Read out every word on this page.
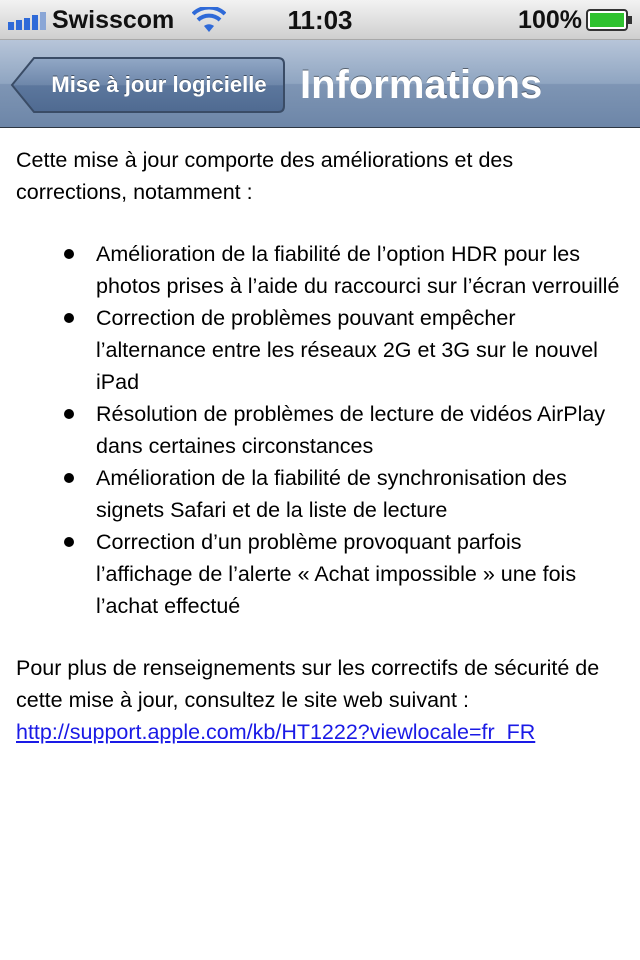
Swisscom	11:03	100%
Mise à jour logicielle Informations

Cette mise à jour comporte des améliorations et des corrections, notamment :

Amélioration de la fiabilité de l’option HDR pour les photos prises à l’aide du raccourci sur l’écran verrouillé
Correction de problèmes pouvant empêcher l’alternance entre les réseaux 2G et 3G sur le nouvel iPad
Résolution de problèmes de lecture de vidéos AirPlay dans certaines circonstances
Amélioration de la fiabilité de synchronisation des signets Safari et de la liste de lecture
Correction d’un problème provoquant parfois l’affichage de l’alerte « Achat impossible » une fois l’achat effectué

Pour plus de renseignements sur les correctifs de sécurité de cette mise à jour, consultez le site web suivant :
http://support.apple.com/kb/HT1222?viewlocale=fr_FR
